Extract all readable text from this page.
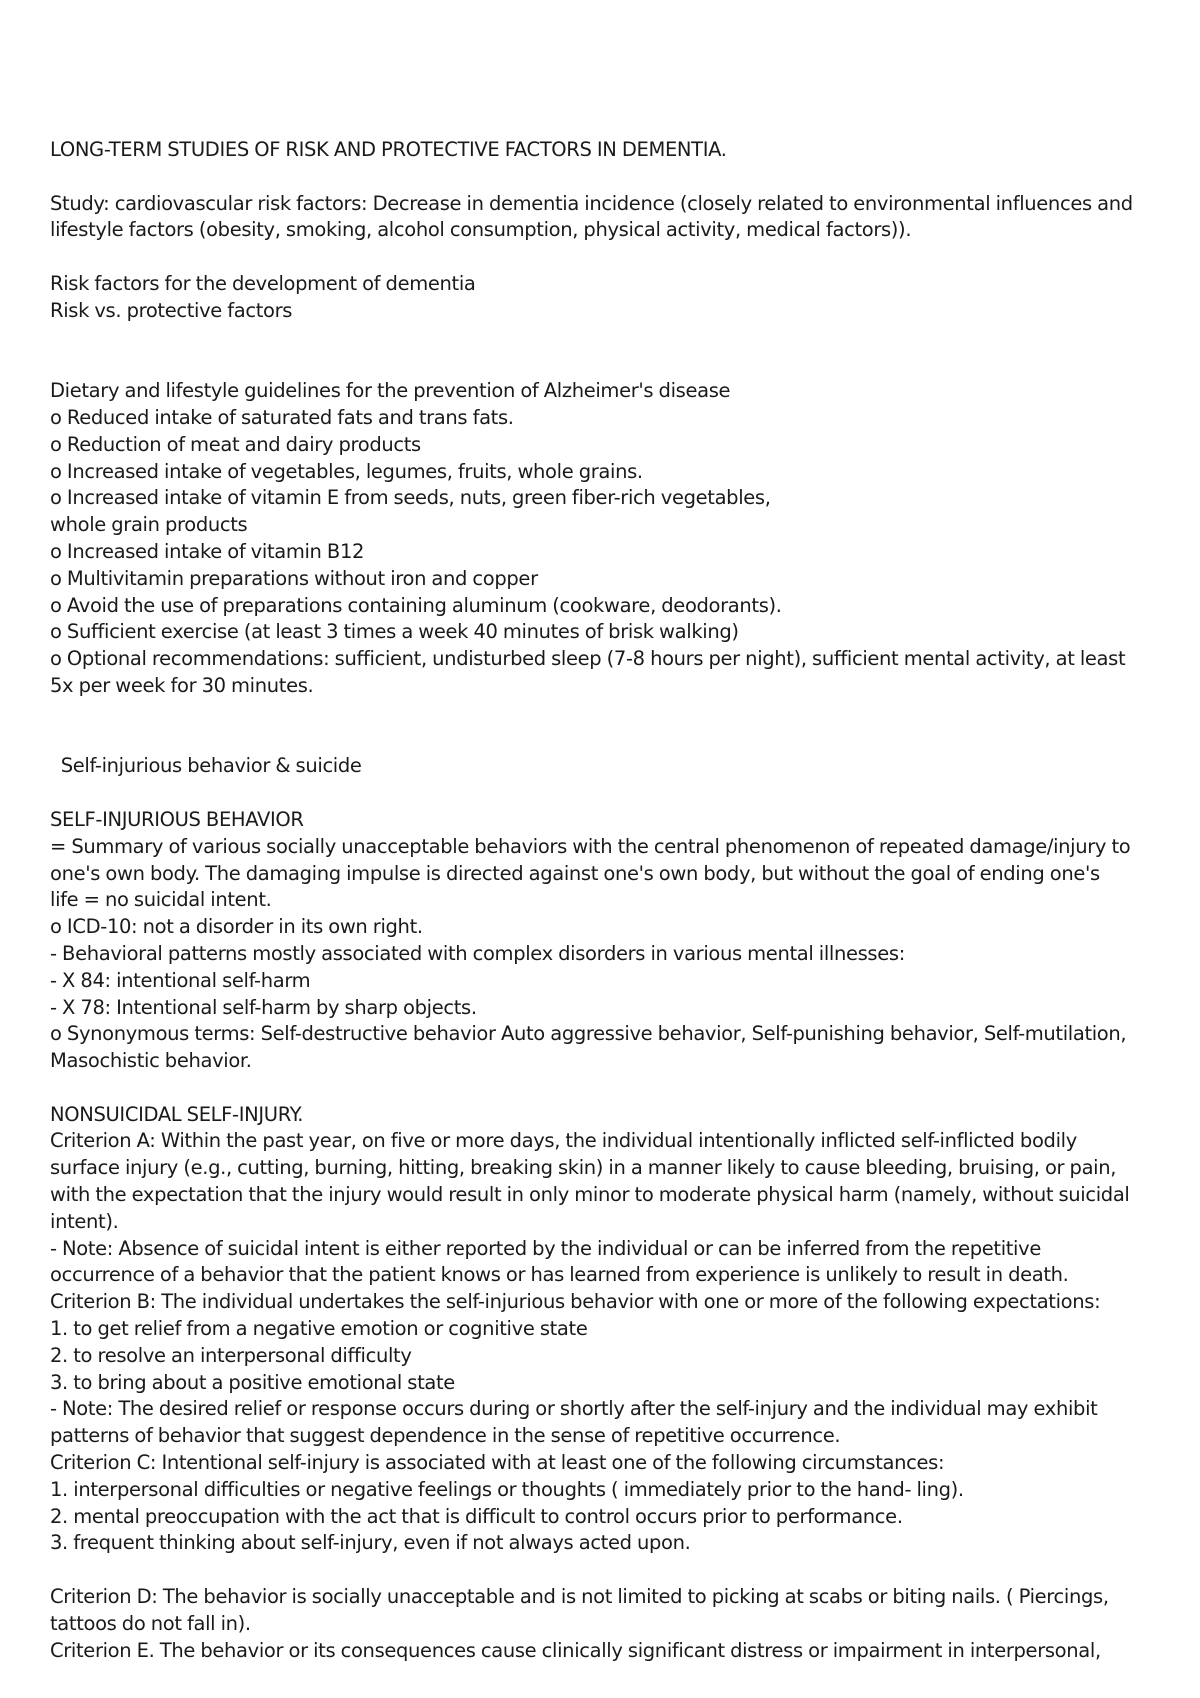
LONG-TERM STUDIES OF RISK AND PROTECTIVE FACTORS IN DEMENTIA.
Study: cardiovascular risk factors: Decrease in dementia incidence (closely related to environmental influences and
lifestyle factors (obesity, smoking, alcohol consumption, physical activity, medical factors)).
Risk factors for the development of dementia
Risk vs. protective factors
Dietary and lifestyle guidelines for the prevention of Alzheimer's disease
o Reduced intake of saturated fats and trans fats.
o Reduction of meat and dairy products
o Increased intake of vegetables, legumes, fruits, whole grains.
o Increased intake of vitamin E from seeds, nuts, green fiber-rich vegetables,
whole grain products
o Increased intake of vitamin B12
o Multivitamin preparations without iron and copper
o Avoid the use of preparations containing aluminum (cookware, deodorants).
o Sufficient exercise (at least 3 times a week 40 minutes of brisk walking)
o Optional recommendations: sufficient, undisturbed sleep (7-8 hours per night), sufficient mental activity, at least
5x per week for 30 minutes.
Self-injurious behavior & suicide
SELF-INJURIOUS BEHAVIOR
= Summary of various socially unacceptable behaviors with the central phenomenon of repeated damage/injury to
one's own body. The damaging impulse is directed against one's own body, but without the goal of ending one's
life = no suicidal intent.
o ICD-10: not a disorder in its own right.
- Behavioral patterns mostly associated with complex disorders in various mental illnesses:
- X 84: intentional self-harm
- X 78: Intentional self-harm by sharp objects.
o Synonymous terms: Self-destructive behavior Auto aggressive behavior, Self-punishing behavior, Self-mutilation,
Masochistic behavior.
NONSUICIDAL SELF-INJURY.
Criterion A: Within the past year, on five or more days, the individual intentionally inflicted self-inflicted bodily
surface injury (e.g., cutting, burning, hitting, breaking skin) in a manner likely to cause bleeding, bruising, or pain,
with the expectation that the injury would result in only minor to moderate physical harm (namely, without suicidal
intent).
- Note: Absence of suicidal intent is either reported by the individual or can be inferred from the repetitive
occurrence of a behavior that the patient knows or has learned from experience is unlikely to result in death.
Criterion B: The individual undertakes the self-injurious behavior with one or more of the following expectations:
1. to get relief from a negative emotion or cognitive state
2. to resolve an interpersonal difficulty
3. to bring about a positive emotional state
- Note: The desired relief or response occurs during or shortly after the self-injury and the individual may exhibit
patterns of behavior that suggest dependence in the sense of repetitive occurrence.
Criterion C: Intentional self-injury is associated with at least one of the following circumstances:
1. interpersonal difficulties or negative feelings or thoughts ( immediately prior to the hand- ling).
2. mental preoccupation with the act that is difficult to control occurs prior to performance.
3. frequent thinking about self-injury, even if not always acted upon.
Criterion D: The behavior is socially unacceptable and is not limited to picking at scabs or biting nails. ( Piercings,
tattoos do not fall in).
Criterion E. The behavior or its consequences cause clinically significant distress or impairment in interpersonal,
